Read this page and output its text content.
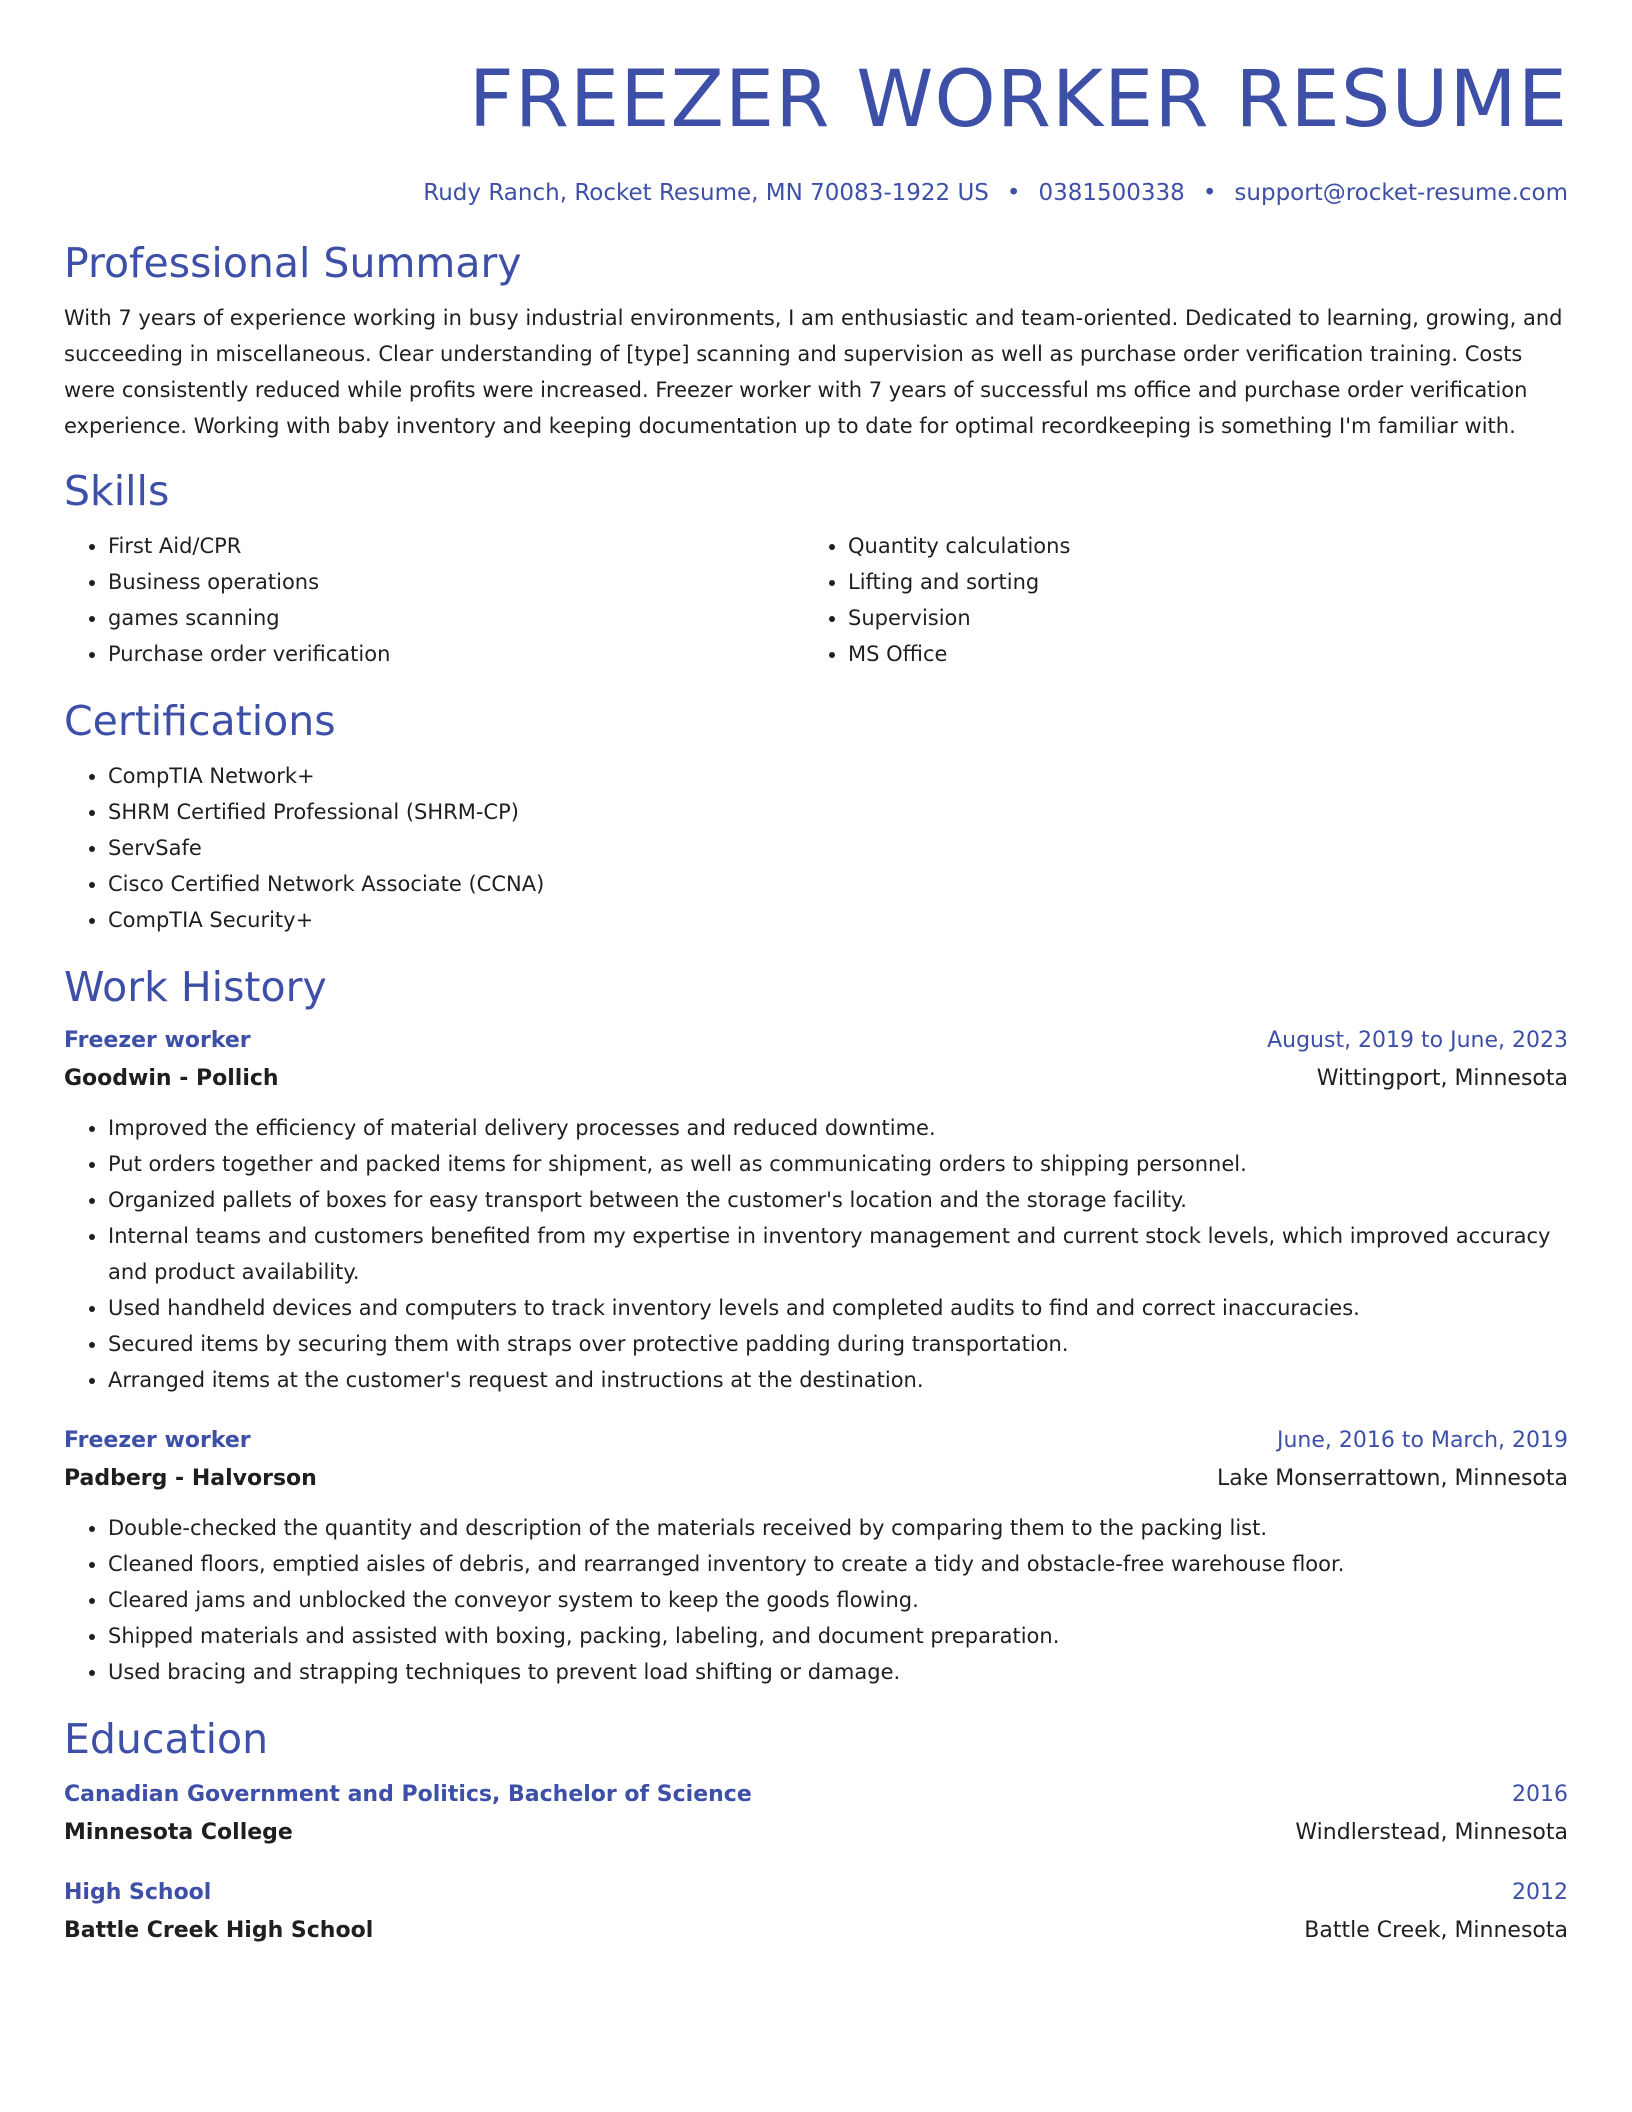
FREEZER WORKER RESUME
Rudy Ranch, Rocket Resume, MN 70083-1922 US • 0381500338 • support@rocket-resume.com
Professional Summary

With 7 years of experience working in busy industrial environments, I am enthusiastic and team-oriented. Dedicated to learning, growing, and succeeding in miscellaneous. Clear understanding of [type] scanning and supervision as well as purchase order verification training. Costs were consistently reduced while profits were increased. Freezer worker with 7 years of successful ms office and purchase order verification experience. Working with baby inventory and keeping documentation up to date for optimal recordkeeping is something I'm familiar with.

Skills
• First Aid/CPR
• Business operations
• games scanning
• Purchase order verification
• Quantity calculations
• Lifting and sorting
• Supervision
• MS Office
Certifications
• CompTIA Network+
• SHRM Certified Professional (SHRM-CP)
• ServSafe
• Cisco Certified Network Associate (CCNA)
• CompTIA Security+
Work History
Freezer worker	August, 2019 to June, 2023
Goodwin - Pollich	Wittingport, Minnesota
• Improved the efficiency of material delivery processes and reduced downtime.
• Put orders together and packed items for shipment, as well as communicating orders to shipping personnel.
• Organized pallets of boxes for easy transport between the customer's location and the storage facility.
• Internal teams and customers benefited from my expertise in inventory management and current stock levels, which improved accuracy and product availability.
• Used handheld devices and computers to track inventory levels and completed audits to find and correct inaccuracies.
• Secured items by securing them with straps over protective padding during transportation.
• Arranged items at the customer's request and instructions at the destination.
Freezer worker	June, 2016 to March, 2019
Padberg - Halvorson	Lake Monserrattown, Minnesota
• Double-checked the quantity and description of the materials received by comparing them to the packing list.
• Cleaned floors, emptied aisles of debris, and rearranged inventory to create a tidy and obstacle-free warehouse floor.
• Cleared jams and unblocked the conveyor system to keep the goods flowing.
• Shipped materials and assisted with boxing, packing, labeling, and document preparation.
• Used bracing and strapping techniques to prevent load shifting or damage.
Education
Canadian Government and Politics, Bachelor of Science	2016
Minnesota College	Windlerstead, Minnesota
High School	2012
Battle Creek High School	Battle Creek, Minnesota
